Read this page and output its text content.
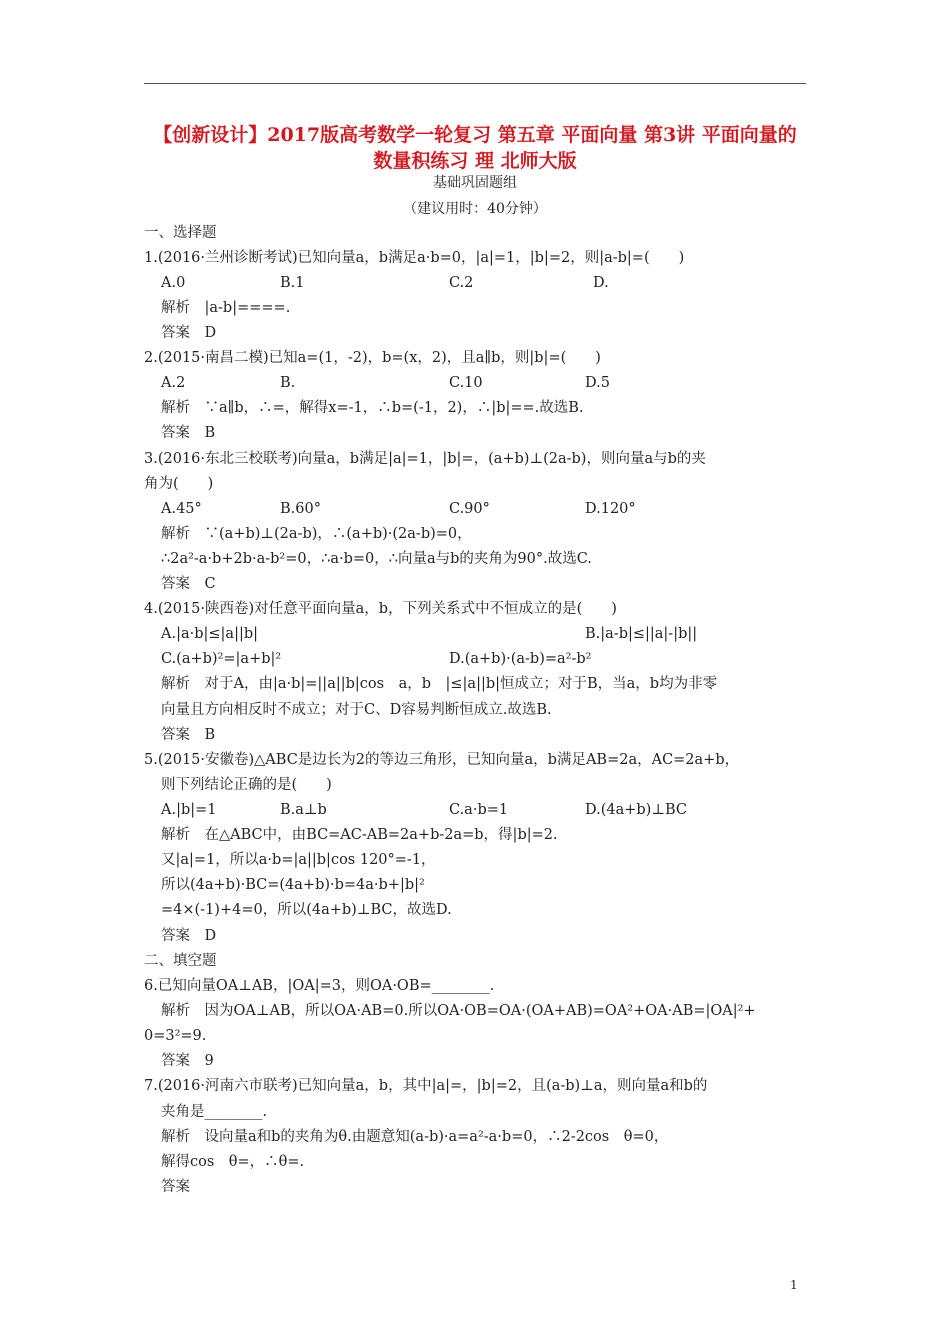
【创新设计】2017版高考数学一轮复习 第五章 平面向量 第3讲 平面向量的数量积练习 理 北师大版
基础巩固题组
（建议用时：40分钟）
一、选择题
1.(2016·兰州诊断考试)已知向量a，b满足a·b=0，|a|=1，|b|=2，则|a-b|=(　　)
A.0	B.1	C.2	D.
解析　|a-b|====.
答案　D
2.(2015·南昌二模)已知a=(1，-2)，b=(x，2)，且a∥b，则|b|=(　　)
A.2	B.	C.10	D.5
解析　∵a∥b，∴=，解得x=-1，∴b=(-1，2)，∴|b|==.故选B.
答案　B
3.(2016·东北三校联考)向量a，b满足|a|=1，|b|=，(a+b)⊥(2a-b)，则向量a与b的夹
角为(　　)
A.45°	B.60°	C.90°	D.120°
解析　∵(a+b)⊥(2a-b)，∴(a+b)·(2a-b)=0，
∴2a²-a·b+2b·a-b²=0，∴a·b=0，∴向量a与b的夹角为90°.故选C.
答案　C
4.(2015·陕西卷)对任意平面向量a，b，下列关系式中不恒成立的是(　　)
A.|a·b|≤|a||b|	B.|a-b|≤||a|-|b||
C.(a+b)²=|a+b|²	D.(a+b)·(a-b)=a²-b²
解析　对于A，由|a·b|=||a||b|cos　a，b　|≤|a||b|恒成立；对于B，当a，b均为非零
向量且方向相反时不成立；对于C、D容易判断恒成立.故选B.
答案　B
5.(2015·安徽卷)△ABC是边长为2的等边三角形，已知向量a，b满足AB=2a，AC=2a+b，
则下列结论正确的是(　　)
A.|b|=1	B.a⊥b	C.a·b=1	D.(4a+b)⊥BC
解析　在△ABC中，由BC=AC-AB=2a+b-2a=b，得|b|=2.
又|a|=1，所以a·b=|a||b|cos 120°=-1，
所以(4a+b)·BC=(4a+b)·b=4a·b+|b|²
=4×(-1)+4=0，所以(4a+b)⊥BC，故选D.
答案　D
二、填空题
6.已知向量OA⊥AB，|OA|=3，则OA·OB=________.
解析　因为OA⊥AB，所以OA·AB=0.所以OA·OB=OA·(OA+AB)=OA²+OA·AB=|OA|²+
0=3²=9.
答案　9
7.(2016·河南六市联考)已知向量a，b，其中|a|=，|b|=2，且(a-b)⊥a，则向量a和b的
夹角是________.
解析　设向量a和b的夹角为θ.由题意知(a-b)·a=a²-a·b=0，∴2-2cos　θ=0，
解得cos　θ=，∴θ=.
答案
1
